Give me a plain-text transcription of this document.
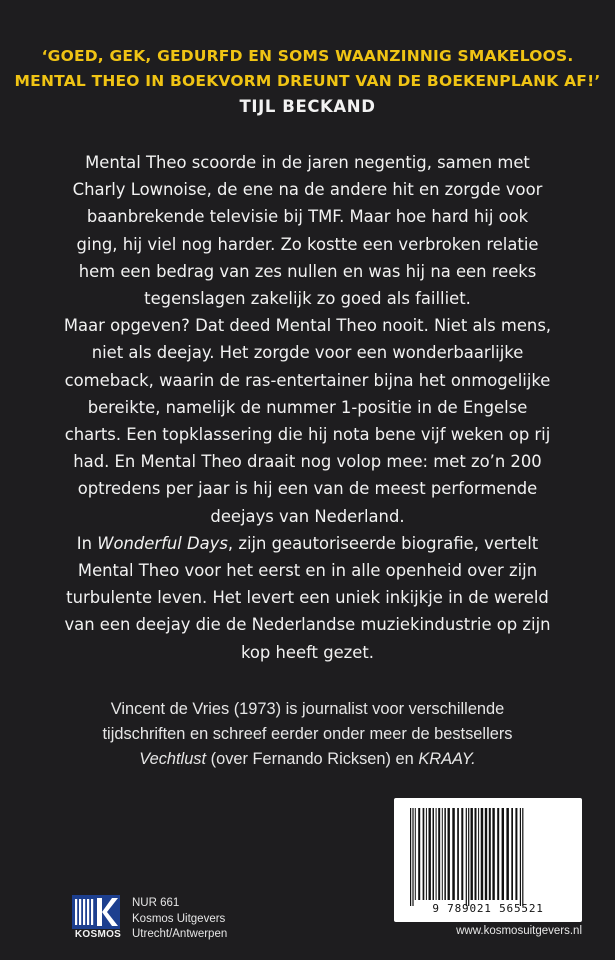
‘GOED, GEK, GEDURFD EN SOMS WAANZINNIG SMAKELOOS.
MENTAL THEO IN BOEKVORM DREUNT VAN DE BOEKENPLANK AF!’
TIJL BECKAND
Mental Theo scoorde in de jaren negentig, samen met
Charly Lownoise, de ene na de andere hit en zorgde voor
baanbrekende televisie bij TMF. Maar hoe hard hij ook
ging, hij viel nog harder. Zo kostte een verbroken relatie
hem een bedrag van zes nullen en was hij na een reeks
tegenslagen zakelijk zo goed als failliet.
Maar opgeven? Dat deed Mental Theo nooit. Niet als mens,
niet als deejay. Het zorgde voor een wonderbaarlijke
comeback, waarin de ras-entertainer bijna het onmogelijke
bereikte, namelijk de nummer 1-positie in de Engelse
charts. Een topklassering die hij nota bene vijf weken op rij
had. En Mental Theo draait nog volop mee: met zo’n 200
optredens per jaar is hij een van de meest performende
deejays van Nederland.
In Wonderful Days, zijn geautoriseerde biografie, vertelt
Mental Theo voor het eerst en in alle openheid over zijn
turbulente leven. Het levert een uniek inkijkje in de wereld
van een deejay die de Nederlandse muziekindustrie op zijn
kop heeft gezet.
Vincent de Vries (1973) is journalist voor verschillende
tijdschriften en schreef eerder onder meer de bestsellers
Vechtlust (over Fernando Ricksen) en KRAAY.
9 789021 565521
KOSMOS
NUR 661
Kosmos Uitgevers
Utrecht/Antwerpen	www.kosmosuitgevers.nl
